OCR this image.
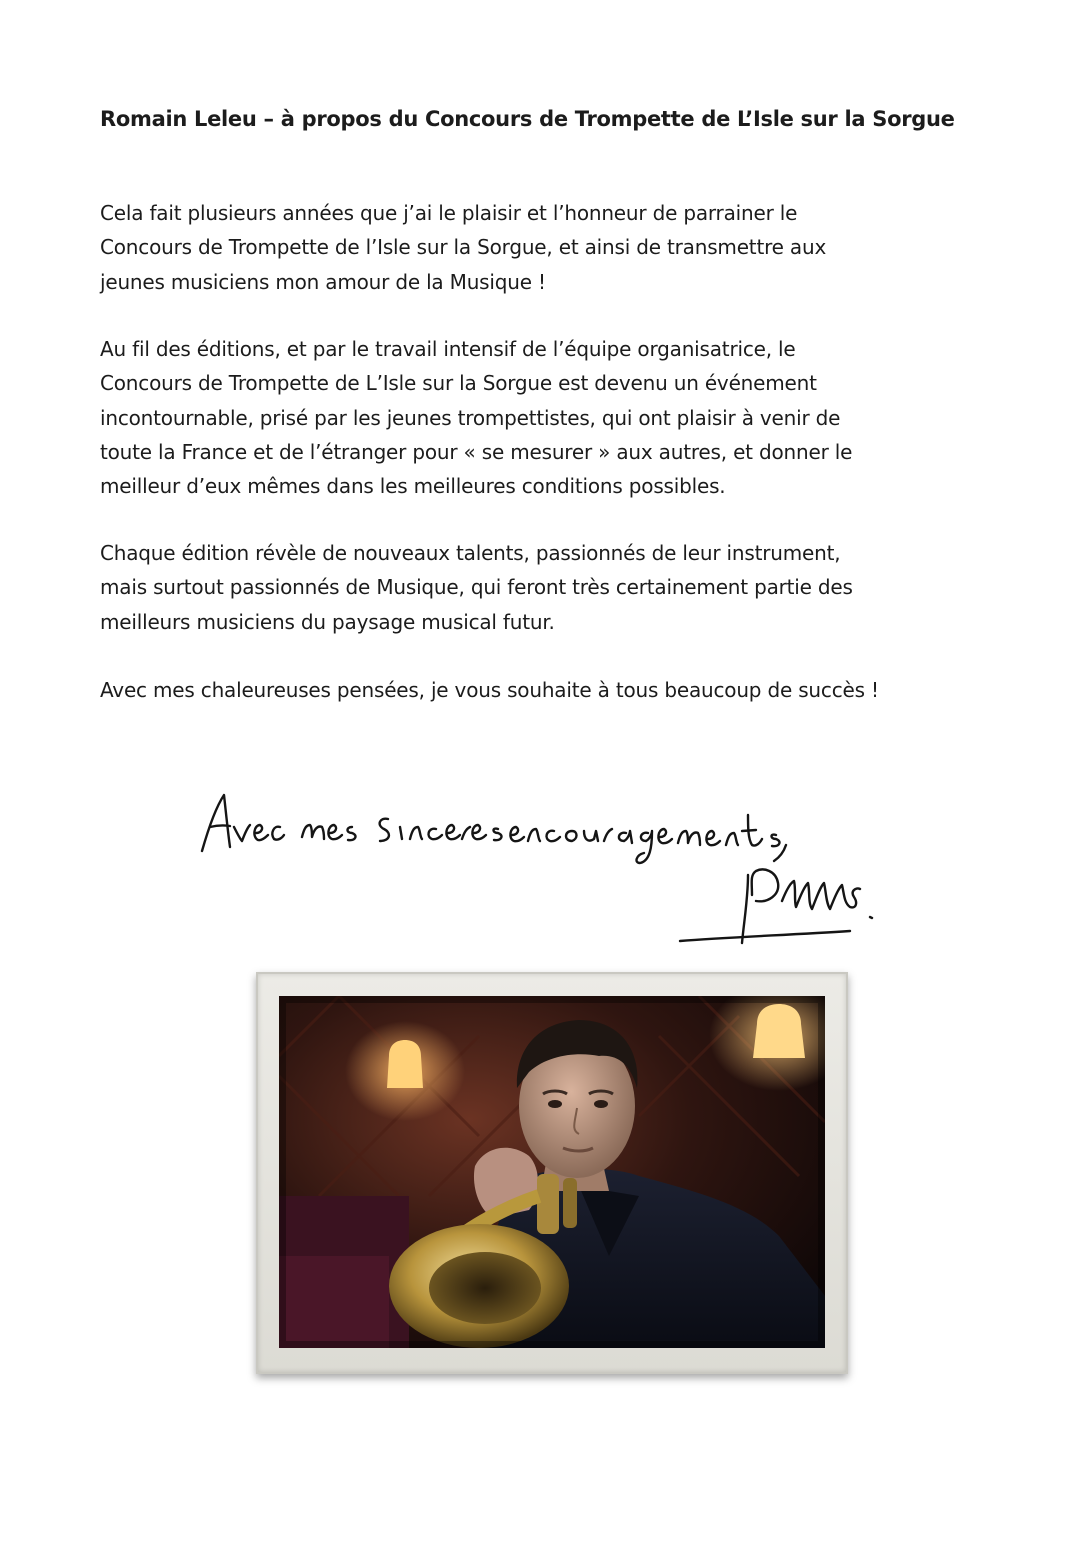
Romain Leleu – à propos du Concours de Trompette de L’Isle sur la Sorgue
Cela fait plusieurs années que j’ai le plaisir et l’honneur de parrainer le
Concours de Trompette de l’Isle sur la Sorgue, et ainsi de transmettre aux
jeunes musiciens mon amour de la Musique !
Au fil des éditions, et par le travail intensif de l’équipe organisatrice, le
Concours de Trompette de L’Isle sur la Sorgue est devenu un événement
incontournable, prisé par les jeunes trompettistes, qui ont plaisir à venir de
toute la France et de l’étranger pour « se mesurer » aux autres, et donner le
meilleur d’eux mêmes dans les meilleures conditions possibles.
Chaque édition révèle de nouveaux talents, passionnés de leur instrument,
mais surtout passionnés de Musique, qui feront très certainement partie des
meilleurs musiciens du paysage musical futur.
Avec mes chaleureuses pensées, je vous souhaite à tous beaucoup de succès !
